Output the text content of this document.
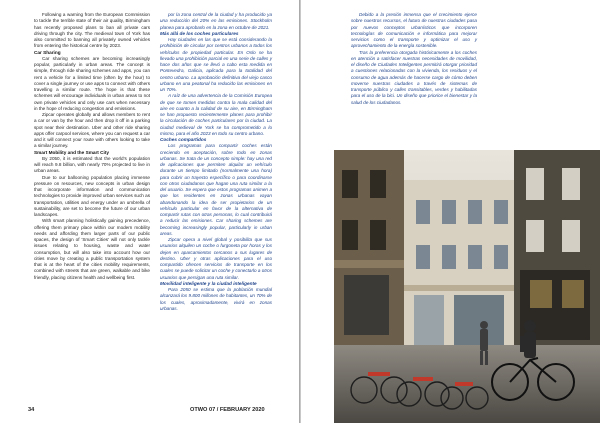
Following a warning from the European Commission to tackle the terrible state of their air quality, Birmingham has recently proposed plans to ban all private cars driving through the city. The medieval town of York has also committed to banning all privately owned vehicles from entering the historical centre by 2023.

Car Sharing

Car sharing schemes are becoming increasingly popular, particularly in urban areas. The concept is simple, through ride sharing schemes and apps, you can rent a vehicle for a limited time (often by the hour) to cover a single journey or use apps to connect with others travelling a similar route. The hope is that these schemes will encourage individuals in urban areas to not own private vehicles and only use cars when necessary in the hope of reducing congestion and emissions.

Zipcar operates globally and allows members to rent a car or van by the hour and then drop it off in a parking spot near their destination. Uber and other ride sharing apps offer carpool services, where you can request a car and it will connect your route with others looking to take a similar journey.

Smart Mobility and the Smart City

By 2050, it is estimated that the world's population will reach 9.8 billion, with nearly 70% projected to live in urban areas.

Due to our ballooning population placing immense pressure on resources, new concepts in urban design that incorporate information and communication technologies to provide improved urban services such as transportation, utilities and energy under an umbrella of sustainability, are set to become the future of our urban landscapes.

With smart planning holistically gaining precedence, offering them primary place within our modern mobility needs and affording them larger parts of our public spaces, the design of 'Smart Cities' will not only tackle issues relating to housing, waste and water consumption, but will also take into account how our cities move by creating a public transportation system that is at the heart of the cities mobility requirements, combined with streets that are green, walkable and bike friendly, placing citizens health and wellbeing first.

por la zona central de la ciudad y ha producido ya una reducción del 20% en las emisiones. Stockholm planea para aprobarlo en la zona en octubre de 2021.

Más allá de los coches particulares

Hay ciudades en las que se está considerando la prohibición de circular por centros urbanos a todos los vehículos de propiedad particular. En Oslo se ha llevado una prohibición parcial en una serie de calles y hace dos años que se llevó a cabo esta medida en Pontevedra, Galicia, aplicada para la totalidad del centro urbano. La aprobación definitiva del viejo casco urbano en una peatonal ha reducido las emisiones en un 70%.

A raíz de una advertencia de la Comisión Europea de que se tomen medidas contra la mala calidad del aire en cuanto a la calidad de su aire, en Birmingham se han propuesto recientemente planes para prohibir la circulación de coches particulares por la ciudad. La ciudad medieval de York se ha comprometido a lo mismo, para el año 2023 en todo su centro urbano.

Coches compartidos

Los programas para compartir coches están creciendo en aceptación, sobre todo en zonas urbanas. Se trata de un concepto simple: hay una red de aplicaciones que permiten alquilar un vehículo durante un tiempo limitado (normalmente una hora) para cubrir un trayecto específico o para coordinarse con otros ciudadanos que hagan una ruta similar a la del usuario. Se espera que estos programas animen a que los residentes en zonas urbanas vayan abandonando la idea de ser propietarios de un vehículo particular en favor de la alternativa de compartir rutas con otras personas, lo cual contribuirá a reducir las emisiones. Car sharing schemes are becoming increasingly popular, particularly in urban areas.

Zipcar opera a nivel global y posibilita que sus usuarios alquilen un coche o furgoneta por horas y los dejen en aparcamientos cercanos a sus lugares de destino. Uber y otras aplicaciones para el uso compartido ofrecen servicios de transporte en los cuales se puede solicitar un coche y conectarlo a otros usuarios que persigan una ruta similar.

Movilidad inteligente y la ciudad inteligente

Para 2050 se estima que la población mundial alcanzará los 9.800 millones de habitantes, un 70% de los cuales, aproximadamente, vivirá en zonas urbanas.

34	OTWO 07 / FEBRUARY 2020

Debido a la presión inmensa que el crecimiento ejerce sobre nuestros recursos, el futuro de nuestras ciudades pasa por nuevos conceptos urbanísticos que incorporen tecnologías de comunicación e informática para mejorar servicios como el transporte y optimizar el uso y aprovechamiento de la energía sostenible.

Tras la preferencia otorgada históricamente a los coches en atención a satisfacer nuestras necesidades de movilidad, el diseño de Ciudades Inteligentes permitirá otorgar prioridad a cuestiones relacionadas con la vivienda, los residuos y el consumo de agua además de hacerse cargo de cómo deben moverse nuestras ciudades a través de sistemas de transporte público y calles transitables, verdes y habilitadas para el uso de la bici. Un diseño que priorice el bienestar y la salud de los ciudadanos.
